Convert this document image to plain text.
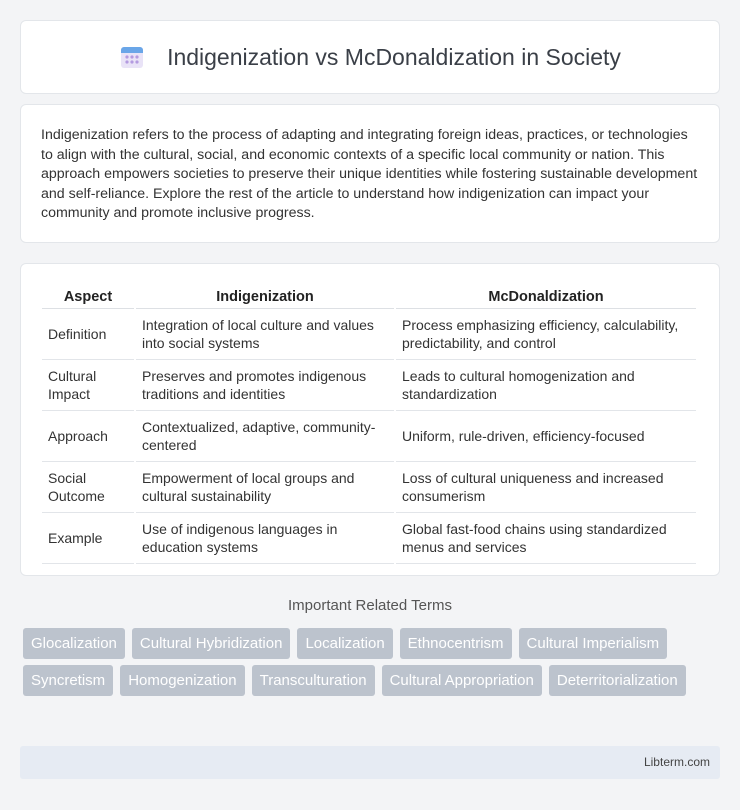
Indigenization vs McDonaldization in Society

Indigenization refers to the process of adapting and integrating foreign ideas, practices, or technologies to align with the cultural, social, and economic contexts of a specific local community or nation. This approach empowers societies to preserve their unique identities while fostering sustainable development and self-reliance. Explore the rest of the article to understand how indigenization can impact your community and promote inclusive progress.

Aspect	Indigenization	McDonaldization
Definition	Integration of local culture and values into social systems	Process emphasizing efficiency, calculability, predictability, and control
Cultural Impact	Preserves and promotes indigenous traditions and identities	Leads to cultural homogenization and standardization
Approach	Contextualized, adaptive, community-centered	Uniform, rule-driven, efficiency-focused
Social Outcome	Empowerment of local groups and cultural sustainability	Loss of cultural uniqueness and increased consumerism
Example	Use of indigenous languages in education systems	Global fast-food chains using standardized menus and services
Important Related Terms
Glocalization	Cultural Hybridization	Localization	Ethnocentrism	Cultural Imperialism
Syncretism	Homogenization	Transculturation	Cultural Appropriation	Deterritorialization
Libterm.com
